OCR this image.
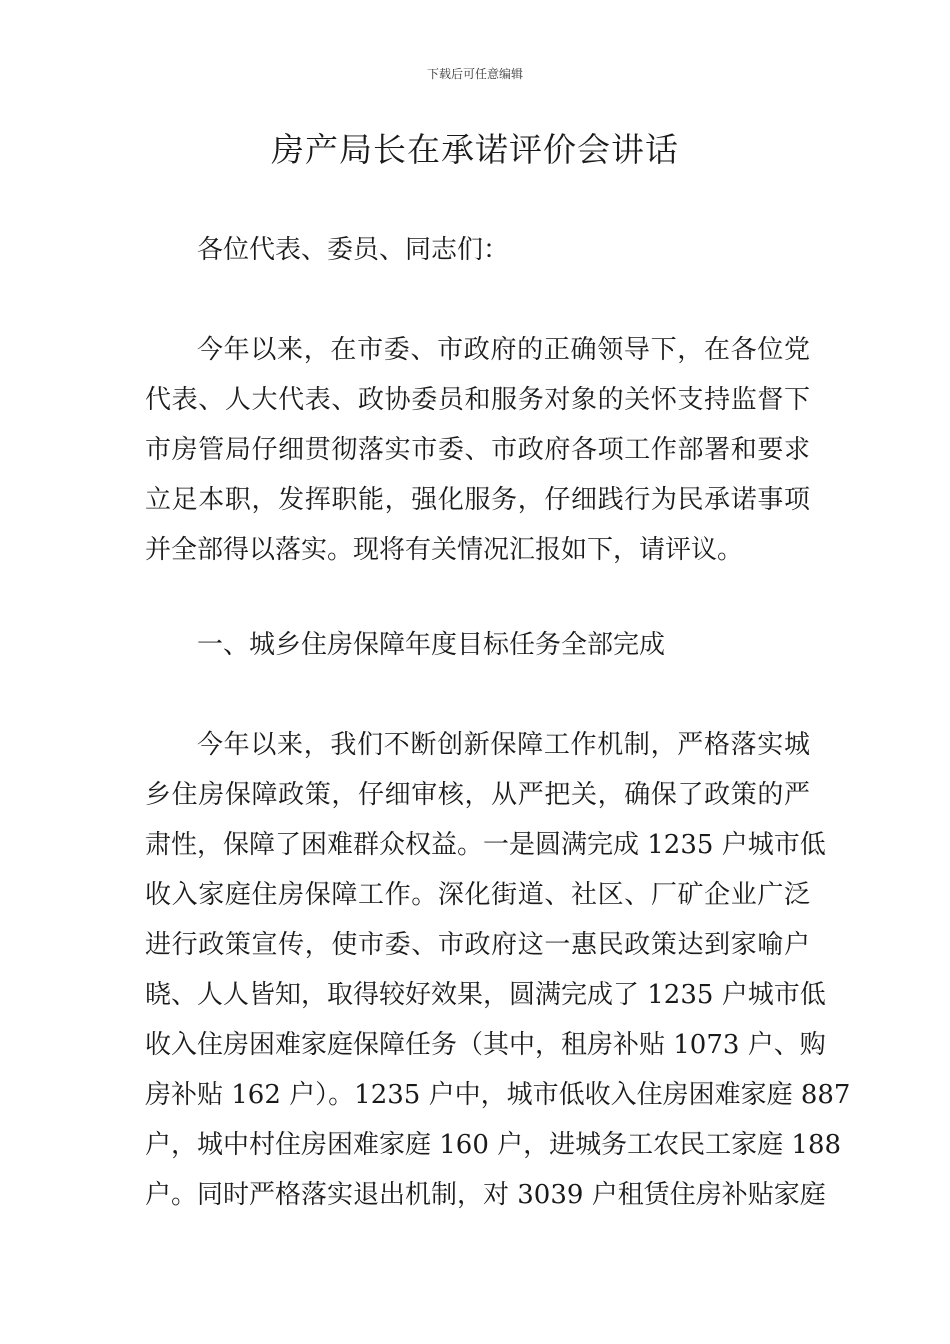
下载后可任意编辑
房产局长在承诺评价会讲话
各位代表、委员、同志们：
今年以来，在市委、市政府的正确领导下，在各位党
代表、人大代表、政协委员和服务对象的关怀支持监督下
市房管局仔细贯彻落实市委、市政府各项工作部署和要求
立足本职，发挥职能，强化服务，仔细践行为民承诺事项
并全部得以落实。现将有关情况汇报如下，请评议。
一、城乡住房保障年度目标任务全部完成
今年以来，我们不断创新保障工作机制，严格落实城
乡住房保障政策，仔细审核，从严把关，确保了政策的严
肃性，保障了困难群众权益。一是圆满完成 1235 户城市低
收入家庭住房保障工作。深化街道、社区、厂矿企业广泛
进行政策宣传，使市委、市政府这一惠民政策达到家喻户
晓、人人皆知，取得较好效果，圆满完成了 1235 户城市低
收入住房困难家庭保障任务（其中，租房补贴 1073 户、购
房补贴 162 户）。1235 户中，城市低收入住房困难家庭 887
户，城中村住房困难家庭 160 户，进城务工农民工家庭 188
户。同时严格落实退出机制，对 3039 户租赁住房补贴家庭
